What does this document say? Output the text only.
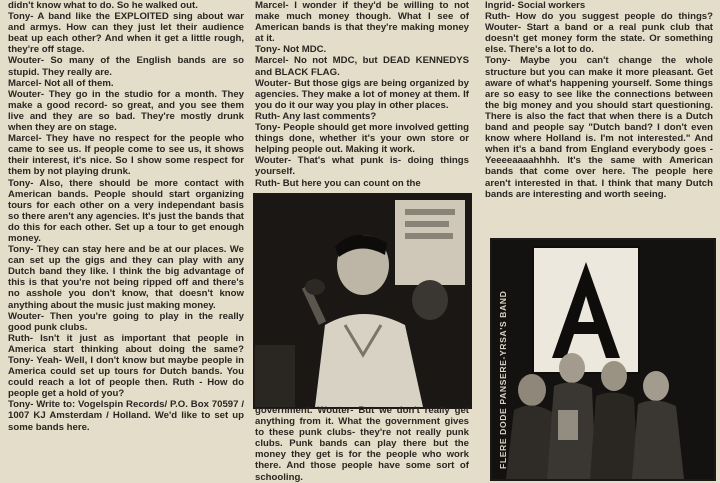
didn't know what to do. So he walked out.

Tony- A band like the EXPLOITED sing about war and armys. How can they just let their audience beat up each other? And when it get a little rough, they're off stage.

Wouter- So many of the English bands are so stupid. They really are.

Marcel- Not all of them.

Wouter- They go in the studio for a month. They make a good record- so great, and you see them live and they are so bad. They're mostly drunk when they are on stage.

Marcel- They have no respect for the people who came to see us. If people come to see us, it shows their interest, it's nice. So I show some respect for them by not playing drunk.

Tony- Also, there should be more contact with American bands. People should start organizing tours for each other on a very independant basis so there aren't any agencies. It's just the bands that do this for each other. Set up a tour to get enough money.

Tony- They can stay here and be at our places. We can set up the gigs and they can play with any Dutch band they like. I think the big advantage of this is that you're not being ripped off and there's no asshole you don't know, that doesn't know anything about the music just making money.

Wouter- Then you're going to play in the really good punk clubs.

Ruth- Isn't it just as important that people in America start thinking about doing the same? Tony- Yeah- Well, I don't know but maybe people in America could set up tours for Dutch bands. You could reach a lot of people then. Ruth - How do people get a hold of you?

Tony- Write to: Vogelspin Records/ P.O. Box 70597 / 1007 KJ Amsterdam / Holland. We'd like to set up some bands here.

Marcel- I wonder if they'd be willing to not make much money though. What I see of American bands is that they're making money at it.

Tony- Not MDC.

Marcel- No not MDC, but DEAD KENNEDYS and BLACK FLAG.

Wouter- But those gigs are being organized by agencies. They make a lot of money at them. If you do it our way you play in other places.

Ruth- Any last comments?

Tony- People should get more involved getting things done, whether it's your own store or helping people out. Making it work.

Wouter- That's what punk is- doing things yourself.

Ruth- But here you can count on the

government. Wouter- But we don't really get anything from it. What the government gives to these punk clubs- they're not really punk clubs. Punk bands can play there but the money they get is for the people who work there. And those people have some sort of schooling.

Ingrid- Social workers

Ruth- How do you suggest people do things? Wouter- Start a band or a real punk club that doesn't get money form the state. Or something else. There's a lot to do.

Tony- Maybe you can't change the whole structure but you can make it more pleasant. Get aware of what's happening yourself. Some things are so easy to see like the connections between the big money and you should start questioning. There is also the fact that when there is a Dutch band and people say "Dutch band? I don't even know where Holland is. I'm not interested." And when it's a band from England everybody goes - Yeeeeaaaahhhh. It's the same with American bands that come over here. The people here aren't interested in that. I think that many Dutch bands are interesting and worth seeing.

FLERE DODE PANSERE-YRSA'S BAND
